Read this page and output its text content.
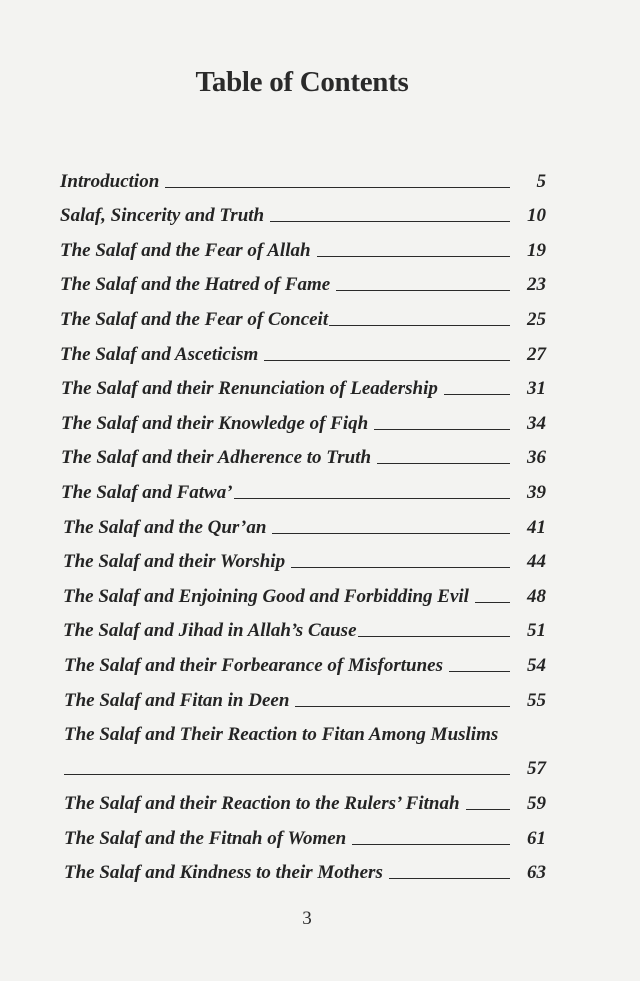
Table of Contents
Introduction	5
Salaf, Sincerity and Truth	10
The Salaf and the Fear of Allah	19
The Salaf and the Hatred of Fame	23
The Salaf and the Fear of Conceit	25
The Salaf and Asceticism	27
The Salaf and their Renunciation of Leadership	31
The Salaf and their Knowledge of Fiqh	34
The Salaf and their Adherence to Truth	36
The Salaf and Fatwa’	39
The Salaf and the Qur’an	41
The Salaf and their Worship	44
The Salaf and Enjoining Good and Forbidding Evil	48
The Salaf and Jihad in Allah’s Cause	51
The Salaf and their Forbearance of Misfortunes	54
The Salaf and Fitan in Deen	55
The Salaf and Their Reaction to Fitan Among Muslims
57
The Salaf and their Reaction to the Rulers’ Fitnah	59
The Salaf and the Fitnah of Women	61
The Salaf and Kindness to their Mothers	63
3
